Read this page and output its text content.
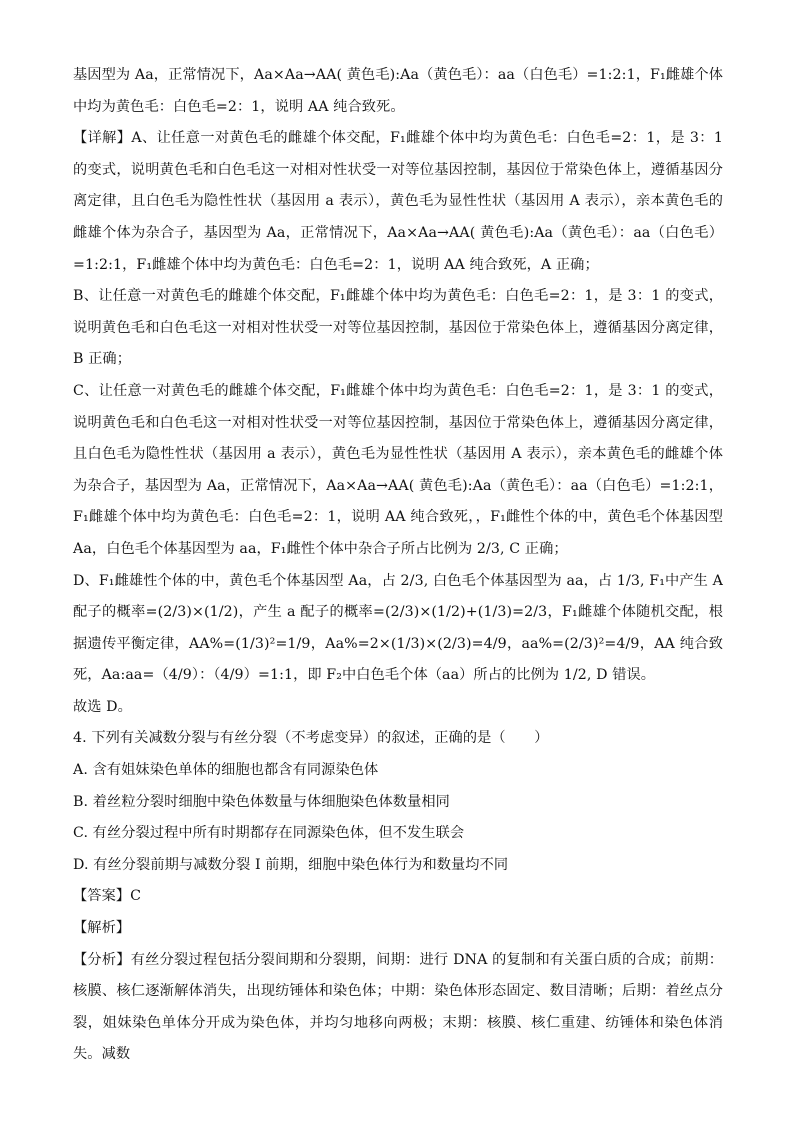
基因型为 Aa，正常情况下，Aa×Aa→AA( 黄色毛):Aa（黄色毛）：aa（白色毛）=1:2:1，F₁雌雄个体中均为黄色毛：白色毛=2：1，说明 AA 纯合致死。

【详解】A、让任意一对黄色毛的雌雄个体交配，F₁雌雄个体中均为黄色毛：白色毛=2：1，是 3：1 的变式，说明黄色毛和白色毛这一对相对性状受一对等位基因控制，基因位于常染色体上，遵循基因分离定律，且白色毛为隐性性状（基因用 a 表示），黄色毛为显性性状（基因用 A 表示），亲本黄色毛的雌雄个体为杂合子，基因型为 Aa，正常情况下，Aa×Aa→AA( 黄色毛):Aa（黄色毛）：aa（白色毛）=1:2:1，F₁雌雄个体中均为黄色毛：白色毛=2：1，说明 AA 纯合致死，A 正确；

B、让任意一对黄色毛的雌雄个体交配，F₁雌雄个体中均为黄色毛：白色毛=2：1，是 3：1 的变式，说明黄色毛和白色毛这一对相对性状受一对等位基因控制，基因位于常染色体上，遵循基因分离定律，B 正确；

C、让任意一对黄色毛的雌雄个体交配，F₁雌雄个体中均为黄色毛：白色毛=2：1，是 3：1 的变式，说明黄色毛和白色毛这一对相对性状受一对等位基因控制，基因位于常染色体上，遵循基因分离定律，且白色毛为隐性性状（基因用 a 表示），黄色毛为显性性状（基因用 A 表示），亲本黄色毛的雌雄个体为杂合子，基因型为 Aa，正常情况下，Aa×Aa→AA( 黄色毛):Aa（黄色毛）：aa（白色毛）=1:2:1，F₁雌雄个体中均为黄色毛：白色毛=2：1，说明 AA 纯合致死，，F₁雌性个体的中，黄色毛个体基因型 Aa，白色毛个体基因型为 aa，F₁雌性个体中杂合子所占比例为 2/3, C 正确；

D、F₁雌雄性个体的中，黄色毛个体基因型 Aa，占 2/3, 白色毛个体基因型为 aa，占 1/3, F₁中产生 A 配子的概率=(2/3)×(1/2)，产生 a 配子的概率=(2/3)×(1/2)+(1/3)=2/3，F₁雌雄个体随机交配，根据遗传平衡定律，AA%=(1/3)²=1/9，Aa%=2×(1/3)×(2/3)=4/9，aa%=(2/3)²=4/9，AA 纯合致死，Aa:aa=（4/9）：（4/9）=1:1，即 F₂中白色毛个体（aa）所占的比例为 1/2, D 错误。

故选 D。

4. 下列有关减数分裂与有丝分裂（不考虑变异）的叙述，正确的是（　　）

A. 含有姐妹染色单体的细胞也都含有同源染色体

B. 着丝粒分裂时细胞中染色体数量与体细胞染色体数量相同

C. 有丝分裂过程中所有时期都存在同源染色体，但不发生联会

D. 有丝分裂前期与减数分裂 I 前期，细胞中染色体行为和数量均不同

【答案】C

【解析】

【分析】有丝分裂过程包括分裂间期和分裂期，间期：进行 DNA 的复制和有关蛋白质的合成；前期：核膜、核仁逐渐解体消失，出现纺锤体和染色体；中期：染色体形态固定、数目清晰；后期：着丝点分裂，姐妹染色单体分开成为染色体，并均匀地移向两极；末期：核膜、核仁重建、纺锤体和染色体消失。减数
